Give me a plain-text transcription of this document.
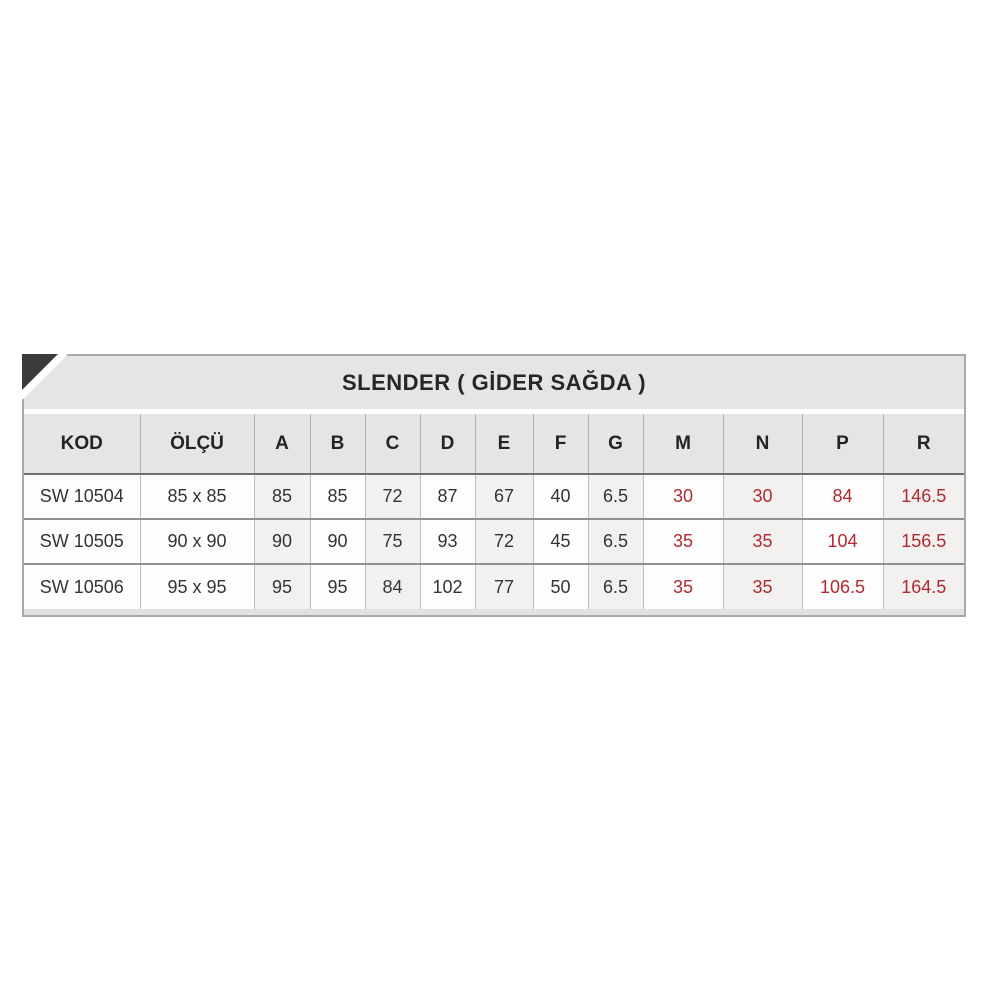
SLENDER ( GİDER SAĞDA )
KOD	ÖLÇÜ	A	B	C	D	E	F	G	M	N	P	R
SW 10504	85 x 85	85	85	72	87	67	40	6.5	30	30	84	146.5
SW 10505	90 x 90	90	90	75	93	72	45	6.5	35	35	104	156.5
SW 10506	95 x 95	95	95	84	102	77	50	6.5	35	35	106.5	164.5
